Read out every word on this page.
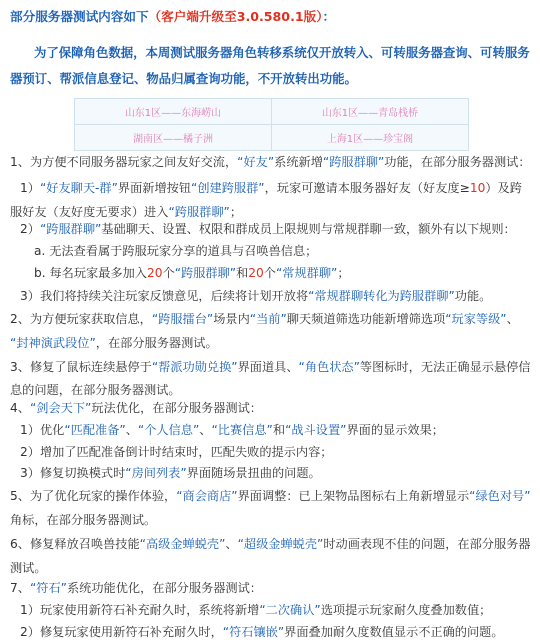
部分服务器测试内容如下（客户端升级至3.0.580.1版）：
为了保障角色数据，本周测试服务器角色转移系统仅开放转入、可转服务器查询、可转服务器预订、帮派信息登记、物品归属查询功能，不开放转出功能。
山东1区——东海崂山	山东1区——青岛栈桥
湖南区——橘子洲	上海1区——珍宝阁
1、为方便不同服务器玩家之间友好交流，“好友”系统新增“跨服群聊”功能，在部分服务器测试：
1）“好友聊天-群”界面新增按钮“创建跨服群”，玩家可邀请本服务器好友（好友度≥10）及跨
服好友（友好度无要求）进入“跨服群聊”；
2）“跨服群聊”基础聊天、设置、权限和群成员上限规则与常规群聊一致，额外有以下规则：
a. 无法查看属于跨服玩家分享的道具与召唤兽信息；
b. 每名玩家最多加入20个“跨服群聊”和20个“常规群聊”；
3）我们将持续关注玩家反馈意见，后续将计划开放将“常规群聊转化为跨服群聊”功能。
2、为方便玩家获取信息，“跨服擂台”场景内“当前”聊天频道筛选功能新增筛选项“玩家等级”、
“封神演武段位”，在部分服务器测试。
3、修复了鼠标连续悬停于“帮派功勋兑换”界面道具、“角色状态”等图标时，无法正确显示悬停信
息的问题，在部分服务器测试。
4、“剑会天下”玩法优化，在部分服务器测试：
1）优化“匹配准备”、“个人信息”、“比赛信息”和“战斗设置”界面的显示效果；
2）增加了匹配准备倒计时结束时，匹配失败的提示内容；
3）修复切换模式时“房间列表”界面随场景扭曲的问题。
5、为了优化玩家的操作体验，“商会商店”界面调整：已上架物品图标右上角新增显示“绿色对号”
角标，在部分服务器测试。
6、修复释放召唤兽技能“高级金蝉蜕壳”、“超级金蝉蜕壳”时动画表现不佳的问题，在部分服务器
测试。
7、“符石”系统功能优化，在部分服务器测试：
1）玩家使用新符石补充耐久时，系统将新增“二次确认”选项提示玩家耐久度叠加数值；
2）修复玩家使用新符石补充耐久时，“符石镶嵌”界面叠加耐久度数值显示不正确的问题。
